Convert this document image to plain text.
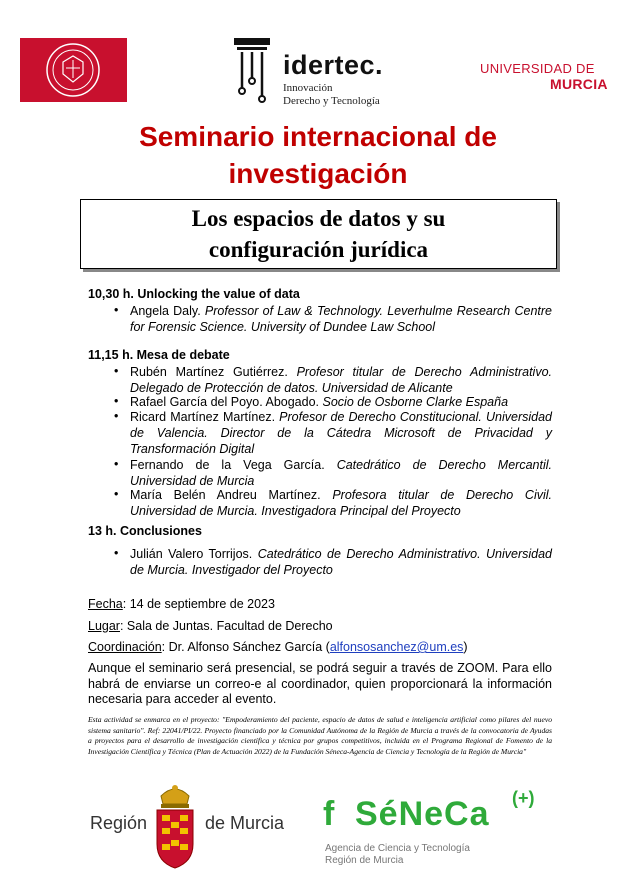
idertec.
Innovación
Derecho y Tecnología
UNIVERSIDAD DE
MURCIA
Seminario internacional de
investigación
Los espacios de datos y su
configuración jurídica
10,30 h. Unlocking the value of data
• Angela Daly. Professor of Law & Technology. Leverhulme Research Centre for Forensic Science. University of Dundee Law School
11,15 h. Mesa de debate
• Rubén Martínez Gutiérrez. Profesor titular de Derecho Administrativo. Delegado de Protección de datos. Universidad de Alicante
• Rafael García del Poyo. Abogado. Socio de Osborne Clarke España
• Ricard Martínez Martínez. Profesor de Derecho Constitucional. Universidad de Valencia. Director de la Cátedra Microsoft de Privacidad y Transformación Digital
• Fernando de la Vega García. Catedrático de Derecho Mercantil. Universidad de Murcia
• María Belén Andreu Martínez. Profesora titular de Derecho Civil. Universidad de Murcia. Investigadora Principal del Proyecto
13 h. Conclusiones
• Julián Valero Torrijos. Catedrático de Derecho Administrativo. Universidad de Murcia. Investigador del Proyecto
Fecha: 14 de septiembre de 2023
Lugar: Sala de Juntas. Facultad de Derecho
Coordinación: Dr. Alfonso Sánchez García (alfonsosanchez@um.es)
Aunque el seminario será presencial, se podrá seguir a través de ZOOM. Para ello habrá de enviarse un correo-e al coordinador, quien proporcionará la información necesaria para acceder al evento.
Esta actividad se enmarca en el proyecto: "Empoderamiento del paciente, espacio de datos de salud e inteligencia artificial como pilares del nuevo sistema sanitario". Ref: 22041/PI/22. Proyecto financiado por la Comunidad Autónoma de la Región de Murcia a través de la convocatoria de Ayudas a proyectos para el desarrollo de investigación científica y técnica por grupos competitivos, incluida en el Programa Regional de Fomento de la Investigación Científica y Técnica (Plan de Actuación 2022) de la Fundación Séneca-Agencia de Ciencia y Tecnología de la Región de Murcia"
Región	de Murcia f SéNeCa (+)
Agencia de Ciencia y Tecnología
Región de Murcia
